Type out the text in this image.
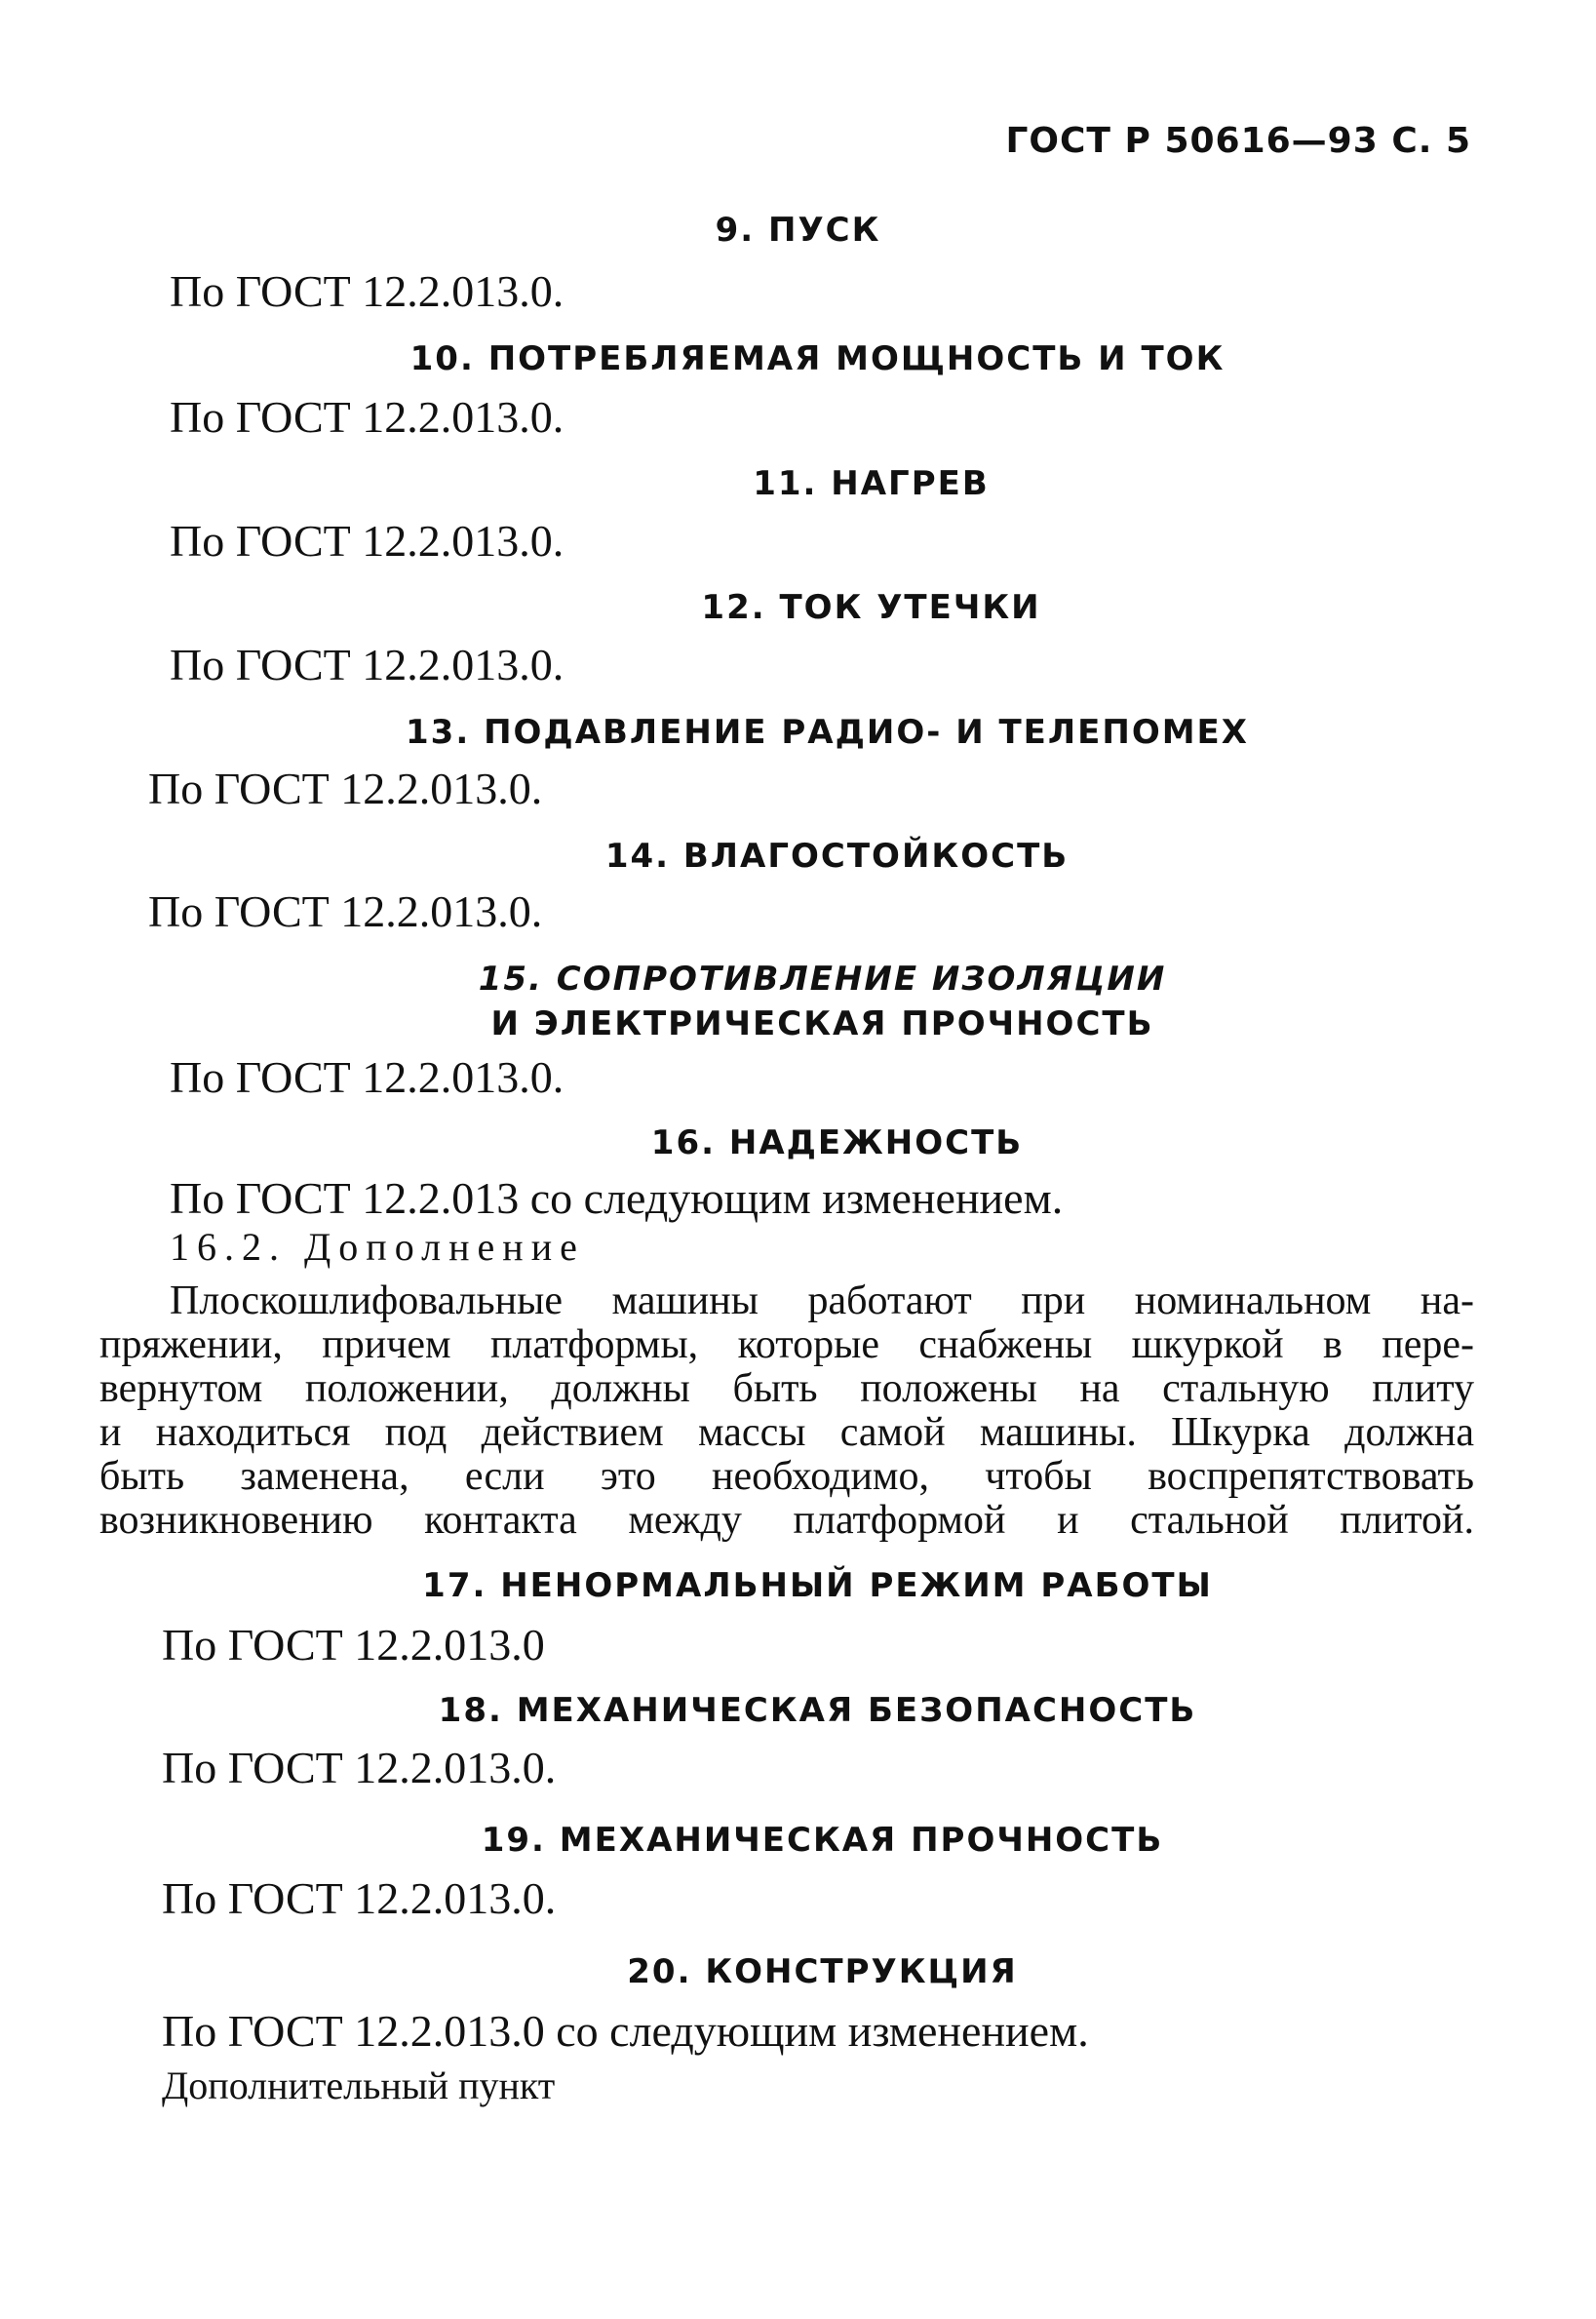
ГОСТ Р 50616—93 С. 5
9. ПУСК
По ГОСТ 12.2.013.0.
10. ПОТРЕБЛЯЕМАЯ МОЩНОСТЬ И ТОК
По ГОСТ 12.2.013.0.
11. НАГРЕВ
По ГОСТ 12.2.013.0.
12. ТОК УТЕЧКИ
По ГОСТ 12.2.013.0.
13. ПОДАВЛЕНИЕ РАДИО- И ТЕЛЕПОМЕХ
По ГОСТ 12.2.013.0.
14. ВЛАГОСТОЙКОСТЬ
По ГОСТ 12.2.013.0.
15. СОПРОТИВЛЕНИЕ ИЗОЛЯЦИИ
И ЭЛЕКТРИЧЕСКАЯ ПРОЧНОСТЬ
По ГОСТ 12.2.013.0.
16. НАДЕЖНОСТЬ
По ГОСТ 12.2.013 со следующим изменением.
16.2. Дополнение
Плоскошлифовальные машины работают при номинальном на-
пряжении, причем платформы, которые снабжены шкуркой в пере-
вернутом положении, должны быть положены на стальную плиту
и находиться под действием массы самой машины. Шкурка должна
быть заменена, если это необходимо, чтобы воспрепятствовать
возникновению контакта между платформой и стальной плитой.
17. НЕНОРМАЛЬНЫЙ РЕЖИМ РАБОТЫ
По ГОСТ 12.2.013.0
18. МЕХАНИЧЕСКАЯ БЕЗОПАСНОСТЬ
По ГОСТ 12.2.013.0.
19. МЕХАНИЧЕСКАЯ ПРОЧНОСТЬ
По ГОСТ 12.2.013.0.
20. КОНСТРУКЦИЯ
По ГОСТ 12.2.013.0 со следующим изменением.
Дополнительный пункт
